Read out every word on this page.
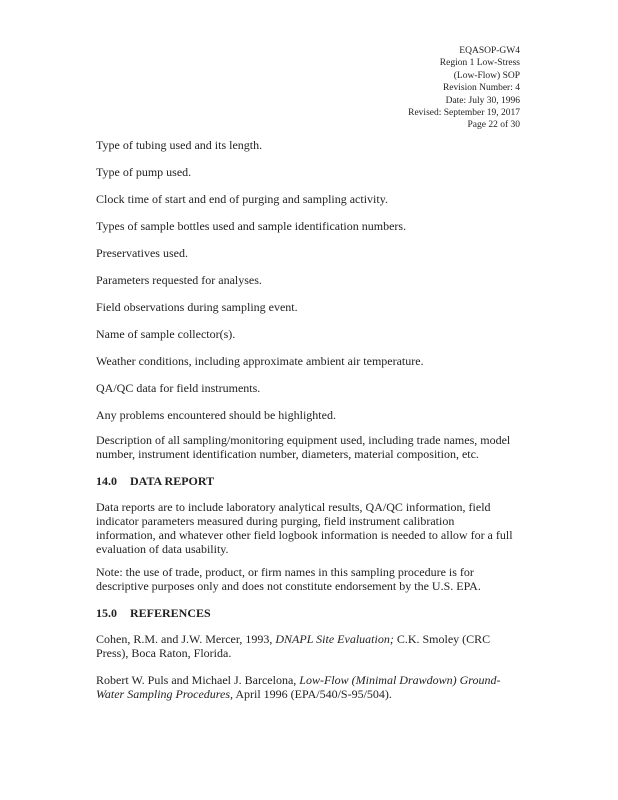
EQASOP-GW4
Region 1 Low-Stress
(Low-Flow) SOP
Revision Number: 4
Date: July 30, 1996
Revised: September 19, 2017
Page 22 of 30
Type of tubing used and its length.
Type of pump used.
Clock time of start and end of purging and sampling activity.
Types of sample bottles used and sample identification numbers.
Preservatives used.
Parameters requested for analyses.
Field observations during sampling event.
Name of sample collector(s).
Weather conditions, including approximate ambient air temperature.
QA/QC data for field instruments.
Any problems encountered should be highlighted.
Description of all sampling/monitoring equipment used, including trade names, model number, instrument identification number, diameters, material composition, etc.
14.0 DATA REPORT
Data reports are to include laboratory analytical results, QA/QC information, field indicator parameters measured during purging, field instrument calibration information, and whatever other field logbook information is needed to allow for a full evaluation of data usability.
Note: the use of trade, product, or firm names in this sampling procedure is for descriptive purposes only and does not constitute endorsement by the U.S. EPA.
15.0 REFERENCES
Cohen, R.M. and J.W. Mercer, 1993, DNAPL Site Evaluation; C.K. Smoley (CRC Press), Boca Raton, Florida.
Robert W. Puls and Michael J. Barcelona, Low-Flow (Minimal Drawdown) Ground-Water Sampling Procedures, April 1996 (EPA/540/S-95/504).
